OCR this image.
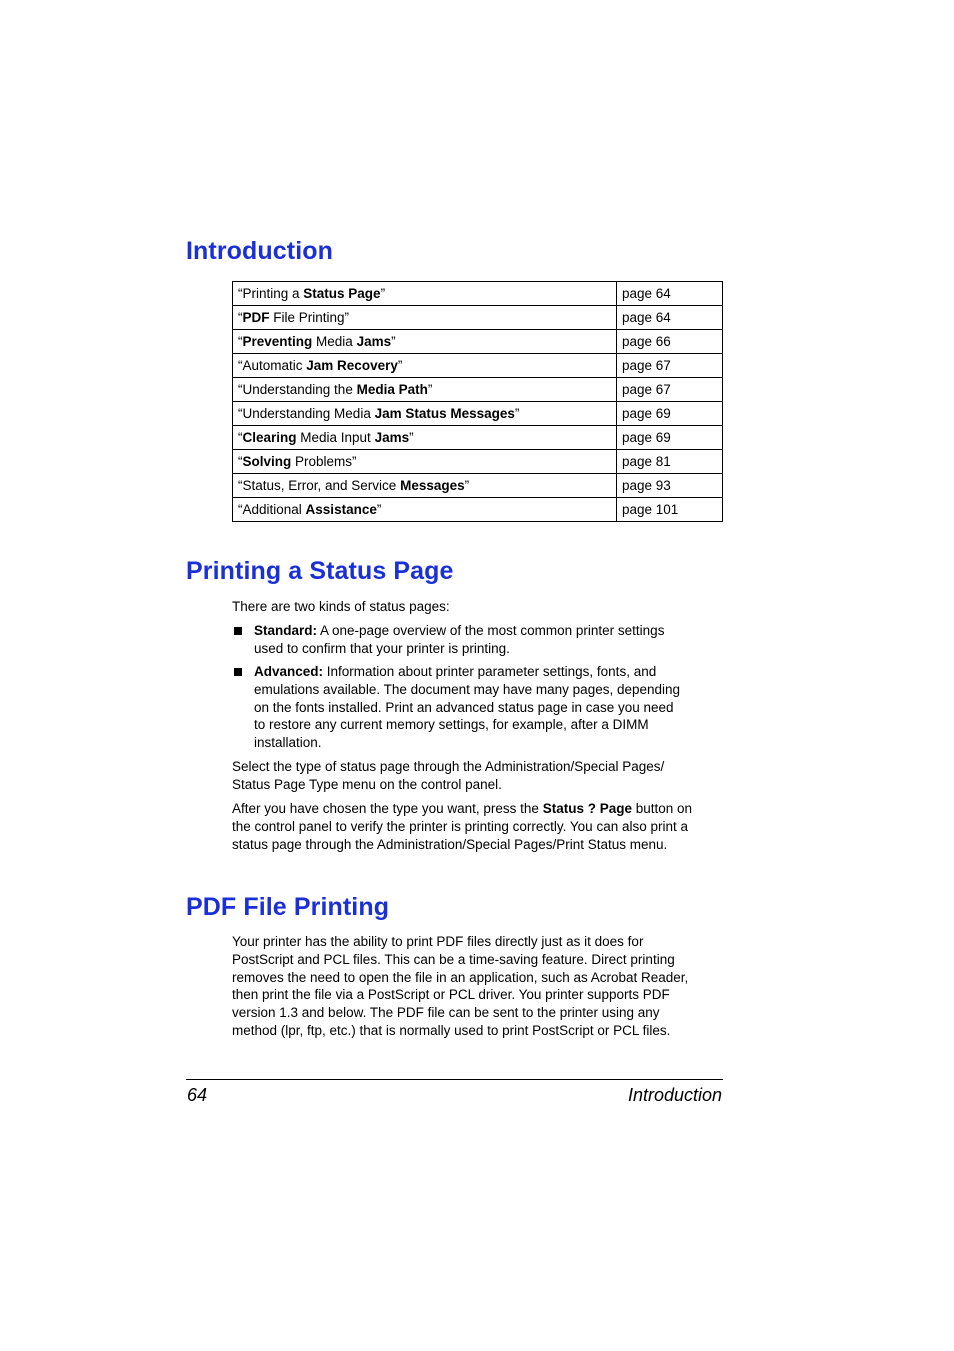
Introduction
“Printing a Status Page”	page 64
“PDF File Printing”	page 64
“Preventing Media Jams”	page 66
“Automatic Jam Recovery”	page 67
“Understanding the Media Path”	page 67
“Understanding Media Jam Status Messages”	page 69
“Clearing Media Input Jams”	page 69
“Solving Problems”	page 81
“Status, Error, and Service Messages”	page 93
“Additional Assistance”	page 101
Printing a Status Page

There are two kinds of status pages:

Standard: A one-page overview of the most common printer settings
used to confirm that your printer is printing.
Advanced: Information about printer parameter settings, fonts, and
emulations available. The document may have many pages, depending
on the fonts installed. Print an advanced status page in case you need
to restore any current memory settings, for example, after a DIMM
installation.
Select the type of status page through the Administration/Special Pages/
Status Page Type menu on the control panel.
After you have chosen the type you want, press the Status ? Page button on
the control panel to verify the printer is printing correctly. You can also print a
status page through the Administration/Special Pages/Print Status menu.
PDF File Printing
Your printer has the ability to print PDF files directly just as it does for
PostScript and PCL files. This can be a time-saving feature. Direct printing
removes the need to open the file in an application, such as Acrobat Reader,
then print the file via a PostScript or PCL driver. You printer supports PDF
version 1.3 and below. The PDF file can be sent to the printer using any
method (lpr, ftp, etc.) that is normally used to print PostScript or PCL files.
64	Introduction
